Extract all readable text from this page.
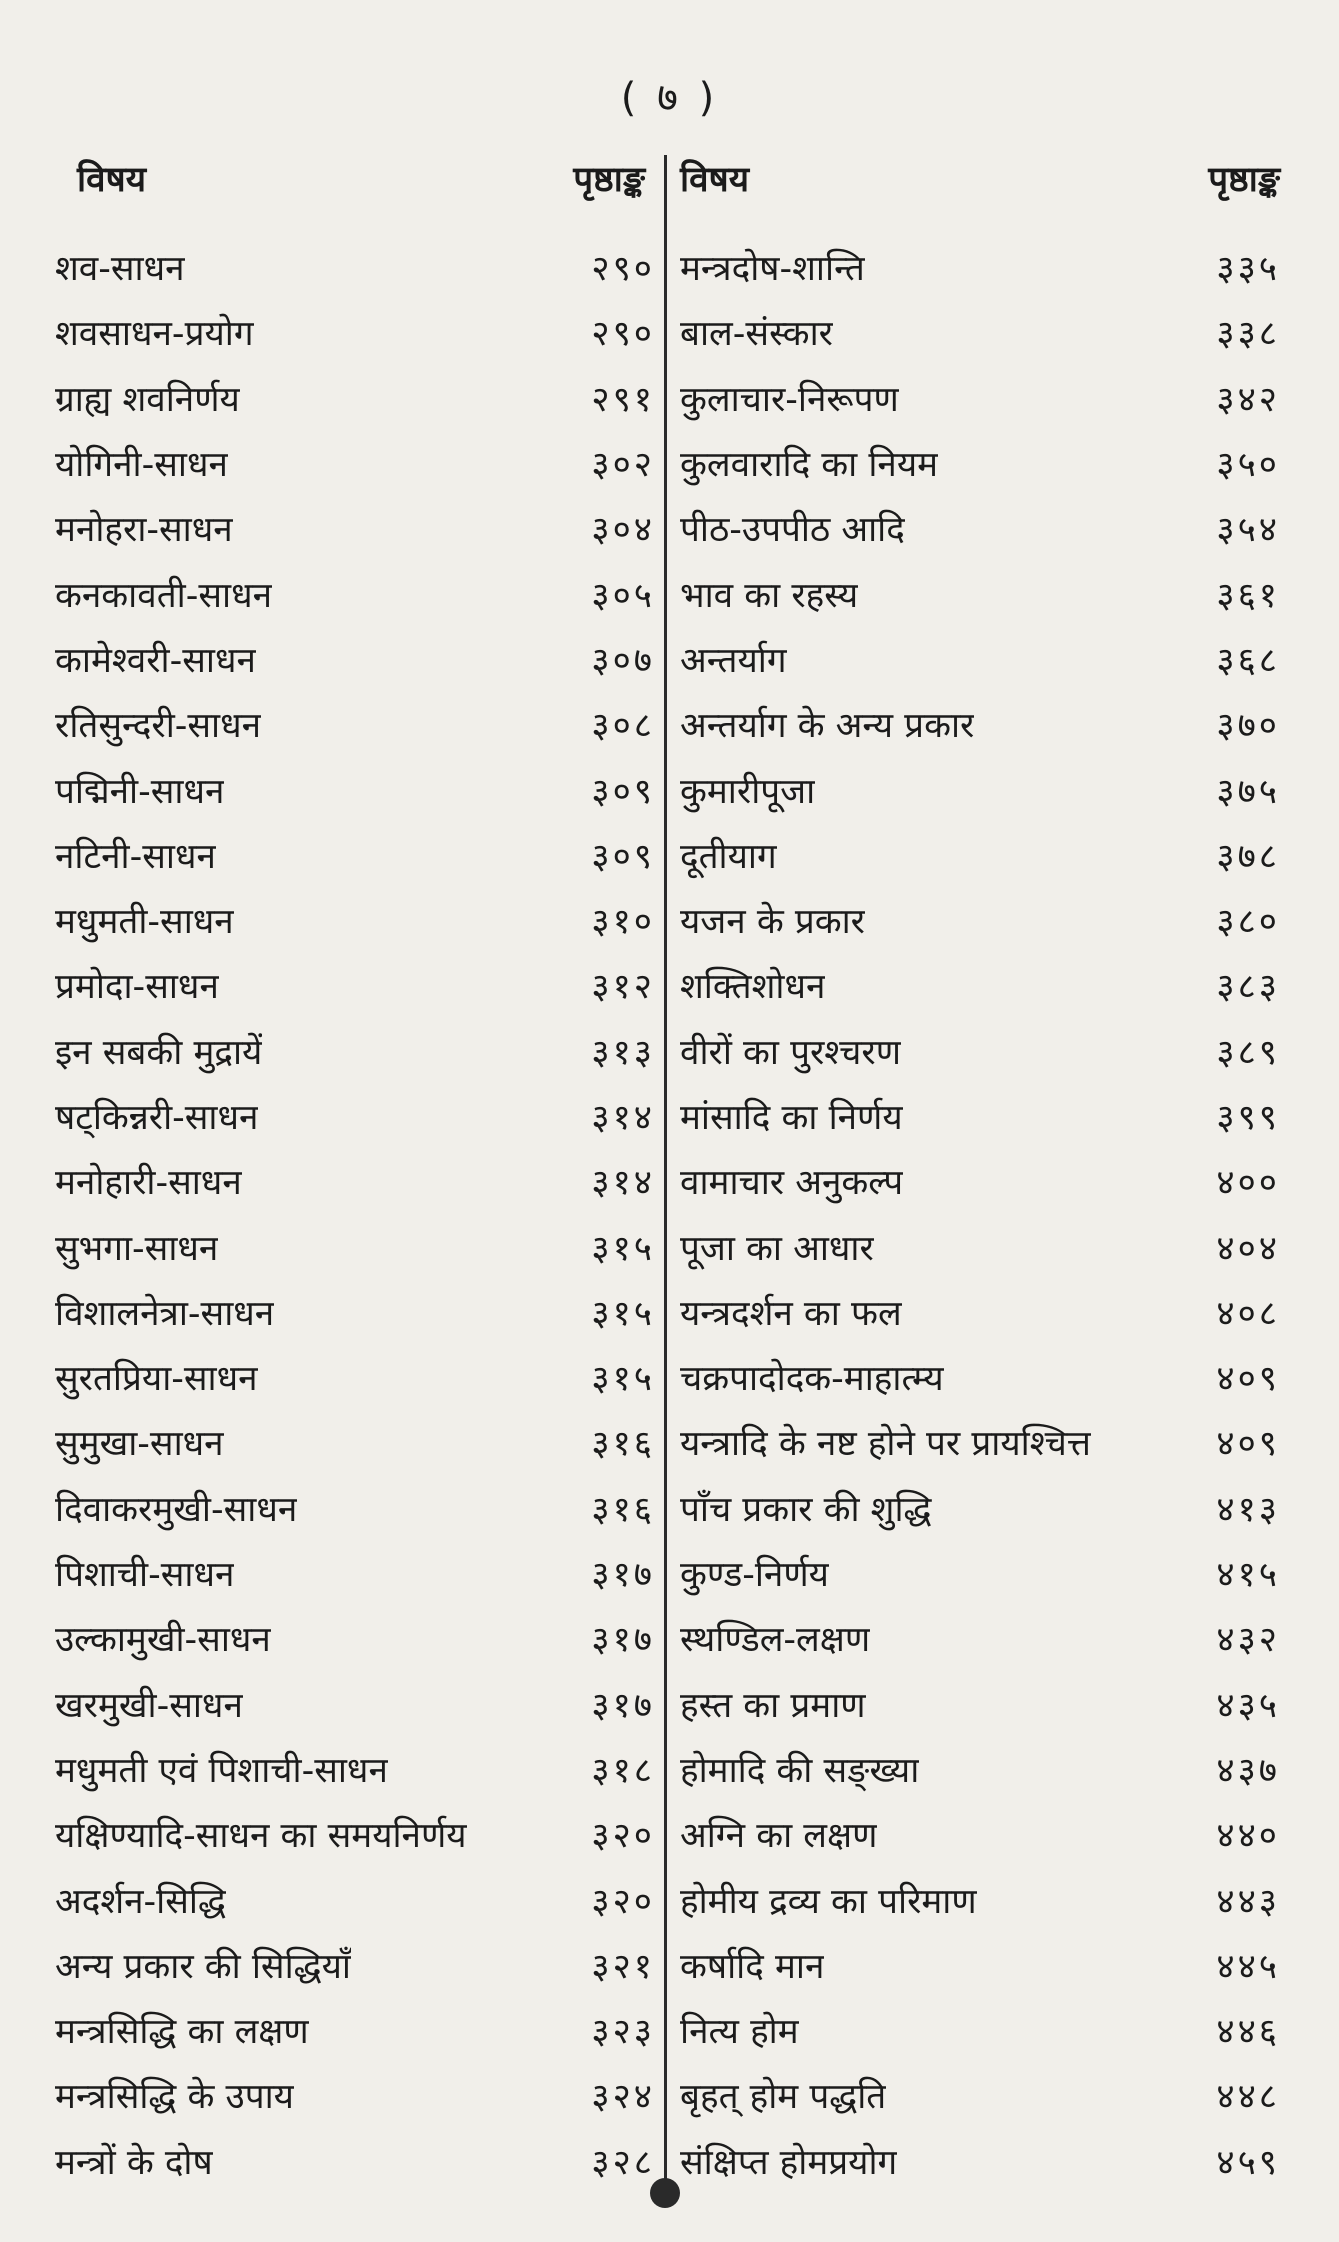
( ७ )
विषय	पृष्ठाङ्क
शव-साधन	२९०
शवसाधन-प्रयोग	२९०
ग्राह्य शवनिर्णय	२९१
योगिनी-साधन	३०२
मनोहरा-साधन	३०४
कनकावती-साधन	३०५
कामेश्वरी-साधन	३०७
रतिसुन्दरी-साधन	३०८
पद्मिनी-साधन	३०९
नटिनी-साधन	३०९
मधुमती-साधन	३१०
प्रमोदा-साधन	३१२
इन सबकी मुद्रायें	३१३
षट्किन्नरी-साधन	३१४
मनोहारी-साधन	३१४
सुभगा-साधन	३१५
विशालनेत्रा-साधन	३१५
सुरतप्रिया-साधन	३१५
सुमुखा-साधन	३१६
दिवाकरमुखी-साधन	३१६
पिशाची-साधन	३१७
उल्कामुखी-साधन	३१७
खरमुखी-साधन	३१७
मधुमती एवं पिशाची-साधन	३१८
यक्षिण्यादि-साधन का समयनिर्णय	३२०
अदर्शन-सिद्धि	३२०
अन्य प्रकार की सिद्धियाँ	३२१
मन्त्रसिद्धि का लक्षण	३२३
मन्त्रसिद्धि के उपाय	३२४
मन्त्रों के दोष	३२८
विषय	पृष्ठाङ्क
मन्त्रदोष-शान्ति	३३५
बाल-संस्कार	३३८
कुलाचार-निरूपण	३४२
कुलवारादि का नियम	३५०
पीठ-उपपीठ आदि	३५४
भाव का रहस्य	३६१
अन्तर्याग	३६८
अन्तर्याग के अन्य प्रकार	३७०
कुमारीपूजा	३७५
दूतीयाग	३७८
यजन के प्रकार	३८०
शक्तिशोधन	३८३
वीरों का पुरश्चरण	३८९
मांसादि का निर्णय	३९९
वामाचार अनुकल्प	४००
पूजा का आधार	४०४
यन्त्रदर्शन का फल	४०८
चक्रपादोदक-माहात्म्य	४०९
यन्त्रादि के नष्ट होने पर प्रायश्चित्त	४०९
पाँच प्रकार की शुद्धि	४१३
कुण्ड-निर्णय	४१५
स्थण्डिल-लक्षण	४३२
हस्त का प्रमाण	४३५
होमादि की सङ्ख्या	४३७
अग्नि का लक्षण	४४०
होमीय द्रव्य का परिमाण	४४३
कर्षादि मान	४४५
नित्य होम	४४६
बृहत् होम पद्धति	४४८
संक्षिप्त होमप्रयोग	४५९
